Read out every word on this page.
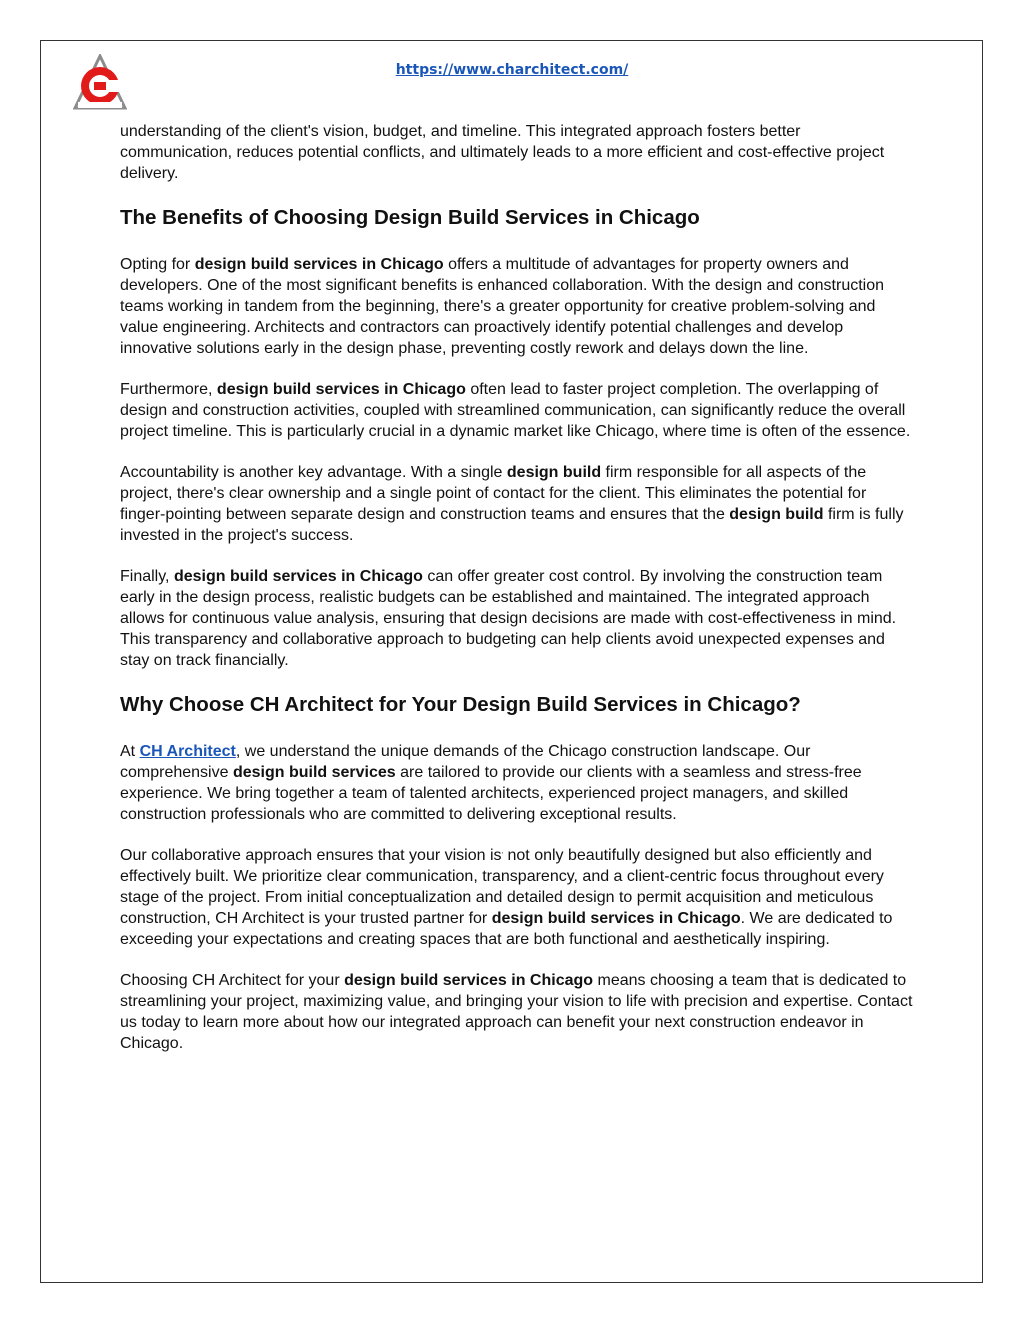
https://www.charchitect.com/

understanding of the client's vision, budget, and timeline. This integrated approach fosters better communication, reduces potential conflicts, and ultimately leads to a more efficient and cost-effective project delivery.

The Benefits of Choosing Design Build Services in Chicago

Opting for design build services in Chicago offers a multitude of advantages for property owners and developers. One of the most significant benefits is enhanced collaboration. With the design and construction teams working in tandem from the beginning, there's a greater opportunity for creative problem-solving and value engineering. Architects and contractors can proactively identify potential challenges and develop innovative solutions early in the design phase, preventing costly rework and delays down the line.

Furthermore, design build services in Chicago often lead to faster project completion. The overlapping of design and construction activities, coupled with streamlined communication, can significantly reduce the overall project timeline. This is particularly crucial in a dynamic market like Chicago, where time is often of the essence.

Accountability is another key advantage. With a single design build firm responsible for all aspects of the project, there's clear ownership and a single point of contact for the client. This eliminates the potential for finger-pointing between separate design and construction teams and ensures that the design build firm is fully invested in the project's success.

Finally, design build services in Chicago can offer greater cost control. By involving the construction team early in the design process, realistic budgets can be established and maintained. The integrated approach allows for continuous value analysis, ensuring that design decisions are made with cost-effectiveness in mind. This transparency and collaborative approach to budgeting can help clients avoid unexpected expenses and stay on track financially.

Why Choose CH Architect for Your Design Build Services in Chicago?

At CH Architect, we understand the unique demands of the Chicago construction landscape. Our comprehensive design build services are tailored to provide our clients with a seamless and stress-free experience. We bring together a team of talented architects, experienced project managers, and skilled construction professionals who are committed to delivering exceptional results.

Our collaborative approach ensures that your vision is' not only beautifully designed but also efficiently and effectively built. We prioritize clear communication, transparency, and a client-centric focus throughout every stage of the project. From initial conceptualization and detailed design to permit acquisition and meticulous construction, CH Architect is your trusted partner for design build services in Chicago. We are dedicated to exceeding your expectations and creating spaces that are both functional and aesthetically inspiring.

Choosing CH Architect for your design build services in Chicago means choosing a team that is dedicated to streamlining your project, maximizing value, and bringing your vision to life with precision and expertise. Contact us today to learn more about how our integrated approach can benefit your next construction endeavor in Chicago.
